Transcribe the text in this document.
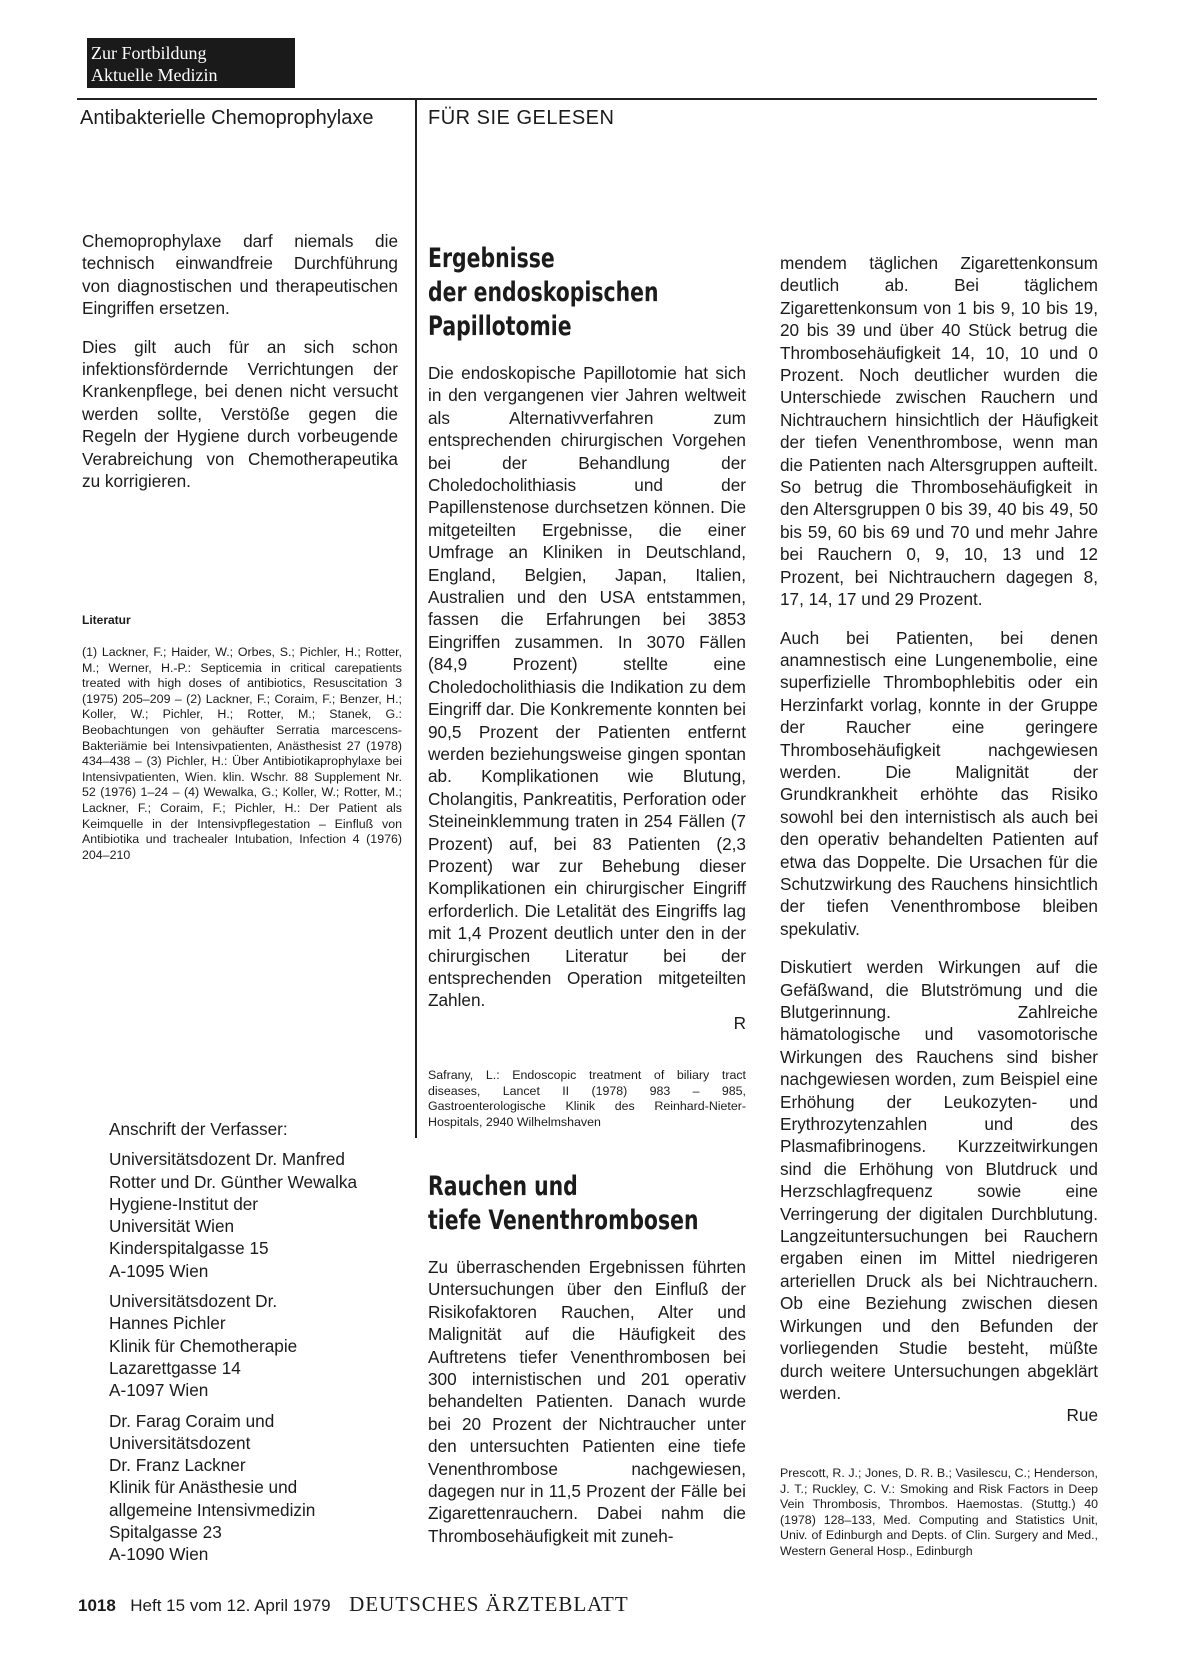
Zur Fortbildung
Aktuelle Medizin
Antibakterielle Chemoprophylaxe	FÜR SIE GELESEN

Chemoprophylaxe darf niemals die technisch einwandfreie Durchführung von diagnostischen und therapeutischen Eingriffen ersetzen.

Dies gilt auch für an sich schon infektionsfördernde Verrichtungen der Krankenpflege, bei denen nicht versucht werden sollte, Verstöße gegen die Regeln der Hygiene durch vorbeugende Verabreichung von Chemotherapeutika zu korrigieren.

Literatur
(1) Lackner, F.; Haider, W.; Orbes, S.; Pichler, H.; Rotter, M.; Werner, H.-P.: Septicemia in critical carepatients treated with high doses of antibiotics, Resuscitation 3 (1975) 205–209 – (2) Lackner, F.; Coraim, F.; Benzer, H.; Koller, W.; Pichler, H.; Rotter, M.; Stanek, G.: Beobachtungen von gehäufter Serratia marcescens-Bakteriämie bei Intensivpatienten, Anästhesist 27 (1978) 434–438 – (3) Pichler, H.: Über Antibiotikaprophylaxe bei Intensivpatienten, Wien. klin. Wschr. 88 Supplement Nr. 52 (1976) 1–24 – (4) Wewalka, G.; Koller, W.; Rotter, M.; Lackner, F.; Coraim, F.; Pichler, H.: Der Patient als Keimquelle in der Intensivpflegestation – Einfluß von Antibiotika und trachealer Intubation, Infection 4 (1976) 204–210
Anschrift der Verfasser:
Universitätsdozent Dr. Manfred
Rotter und Dr. Günther Wewalka
Hygiene-Institut der
Universität Wien
Kinderspitalgasse 15
A-1095 Wien
Universitätsdozent Dr.
Hannes Pichler
Klinik für Chemotherapie
Lazarettgasse 14
A-1097 Wien
Dr. Farag Coraim und
Universitätsdozent
Dr. Franz Lackner
Klinik für Anästhesie und
allgemeine Intensivmedizin
Spitalgasse 23
A-1090 Wien
Ergebnisse
der endoskopischen
Papillotomie
Die endoskopische Papillotomie hat sich in den vergangenen vier Jahren weltweit als Alternativverfahren zum entsprechenden chirurgischen Vorgehen bei der Behandlung der Choledocholithiasis und der Papillenstenose durchsetzen können. Die mitgeteilten Ergebnisse, die einer Umfrage an Kliniken in Deutschland, England, Belgien, Japan, Italien, Australien und den USA entstammen, fassen die Erfahrungen bei 3853 Eingriffen zusammen. In 3070 Fällen (84,9 Prozent) stellte eine Choledocholithiasis die Indikation zu dem Eingriff dar. Die Konkremente konnten bei 90,5 Prozent der Patienten entfernt werden beziehungsweise gingen spontan ab. Komplikationen wie Blutung, Cholangitis, Pankreatitis, Perforation oder Steineinklemmung traten in 254 Fällen (7 Prozent) auf, bei 83 Patienten (2,3 Prozent) war zur Behebung dieser Komplikationen ein chirurgischer Eingriff erforderlich. Die Letalität des Eingriffs lag mit 1,4 Prozent deutlich unter den in der chirurgischen Literatur bei der entsprechenden Operation mitgeteilten Zahlen.
R
Safrany, L.: Endoscopic treatment of biliary tract diseases, Lancet II (1978) 983 – 985, Gastroenterologische Klinik des Reinhard-Nieter-Hospitals, 2940 Wilhelmshaven
Rauchen und
tiefe Venenthrombosen
Zu überraschenden Ergebnissen führten Untersuchungen über den Einfluß der Risikofaktoren Rauchen, Alter und Malignität auf die Häufigkeit des Auftretens tiefer Venenthrombosen bei 300 internistischen und 201 operativ behandelten Patienten. Danach wurde bei 20 Prozent der Nichtraucher unter den untersuchten Patienten eine tiefe Venenthrombose nachgewiesen, dagegen nur in 11,5 Prozent der Fälle bei Zigarettenrauchern. Dabei nahm die Thrombosehäufigkeit mit zuneh-

mendem täglichen Zigarettenkonsum deutlich ab. Bei täglichem Zigarettenkonsum von 1 bis 9, 10 bis 19, 20 bis 39 und über 40 Stück betrug die Thrombosehäufigkeit 14, 10, 10 und 0 Prozent. Noch deutlicher wurden die Unterschiede zwischen Rauchern und Nichtrauchern hinsichtlich der Häufigkeit der tiefen Venenthrombose, wenn man die Patienten nach Altersgruppen aufteilt. So betrug die Thrombosehäufigkeit in den Altersgruppen 0 bis 39, 40 bis 49, 50 bis 59, 60 bis 69 und 70 und mehr Jahre bei Rauchern 0, 9, 10, 13 und 12 Prozent, bei Nichtrauchern dagegen 8, 17, 14, 17 und 29 Prozent.

Auch bei Patienten, bei denen anamnestisch eine Lungenembolie, eine superfizielle Thrombophlebitis oder ein Herzinfarkt vorlag, konnte in der Gruppe der Raucher eine geringere Thrombosehäufigkeit nachgewiesen werden. Die Malignität der Grundkrankheit erhöhte das Risiko sowohl bei den internistisch als auch bei den operativ behandelten Patienten auf etwa das Doppelte. Die Ursachen für die Schutzwirkung des Rauchens hinsichtlich der tiefen Venenthrombose bleiben spekulativ.

Diskutiert werden Wirkungen auf die Gefäßwand, die Blutströmung und die Blutgerinnung. Zahlreiche hämatologische und vasomotorische Wirkungen des Rauchens sind bisher nachgewiesen worden, zum Beispiel eine Erhöhung der Leukozyten- und Erythrozytenzahlen und des Plasmafibrinogens. Kurzzeitwirkungen sind die Erhöhung von Blutdruck und Herzschlagfrequenz sowie eine Verringerung der digitalen Durchblutung. Langzeituntersuchungen bei Rauchern ergaben einen im Mittel niedrigeren arteriellen Druck als bei Nichtrauchern. Ob eine Beziehung zwischen diesen Wirkungen und den Befunden der vorliegenden Studie besteht, müßte durch weitere Untersuchungen abgeklärt werden.
Rue
Prescott, R. J.; Jones, D. R. B.; Vasilescu, C.; Henderson, J. T.; Ruckley, C. V.: Smoking and Risk Factors in Deep Vein Thrombosis, Thrombos. Haemostas. (Stuttg.) 40 (1978) 128–133, Med. Computing and Statistics Unit, Univ. of Edinburgh and Depts. of Clin. Surgery and Med., Western General Hosp., Edinburgh
1018 Heft 15 vom 12. April 1979 DEUTSCHES ÄRZTEBLATT
